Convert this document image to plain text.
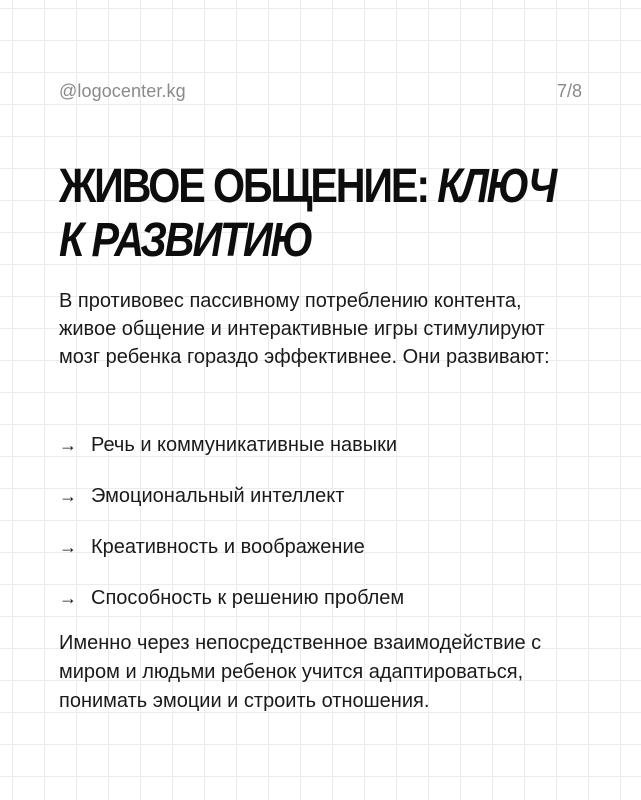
@logocenter.kg	7/8
ЖИВОЕ ОБЩЕНИЕ: КЛЮЧ
К РАЗВИТИЮ
В противовес пассивному потреблению контента, живое общение и интерактивные игры стимулируют мозг ребенка гораздо эффективнее. Они развивают:
→ Речь и коммуникативные навыки
→ Эмоциональный интеллект
→ Креативность и воображение
→ Способность к решению проблем
Именно через непосредственное взаимодействие с миром и людьми ребенок учится адаптироваться, понимать эмоции и строить отношения.
